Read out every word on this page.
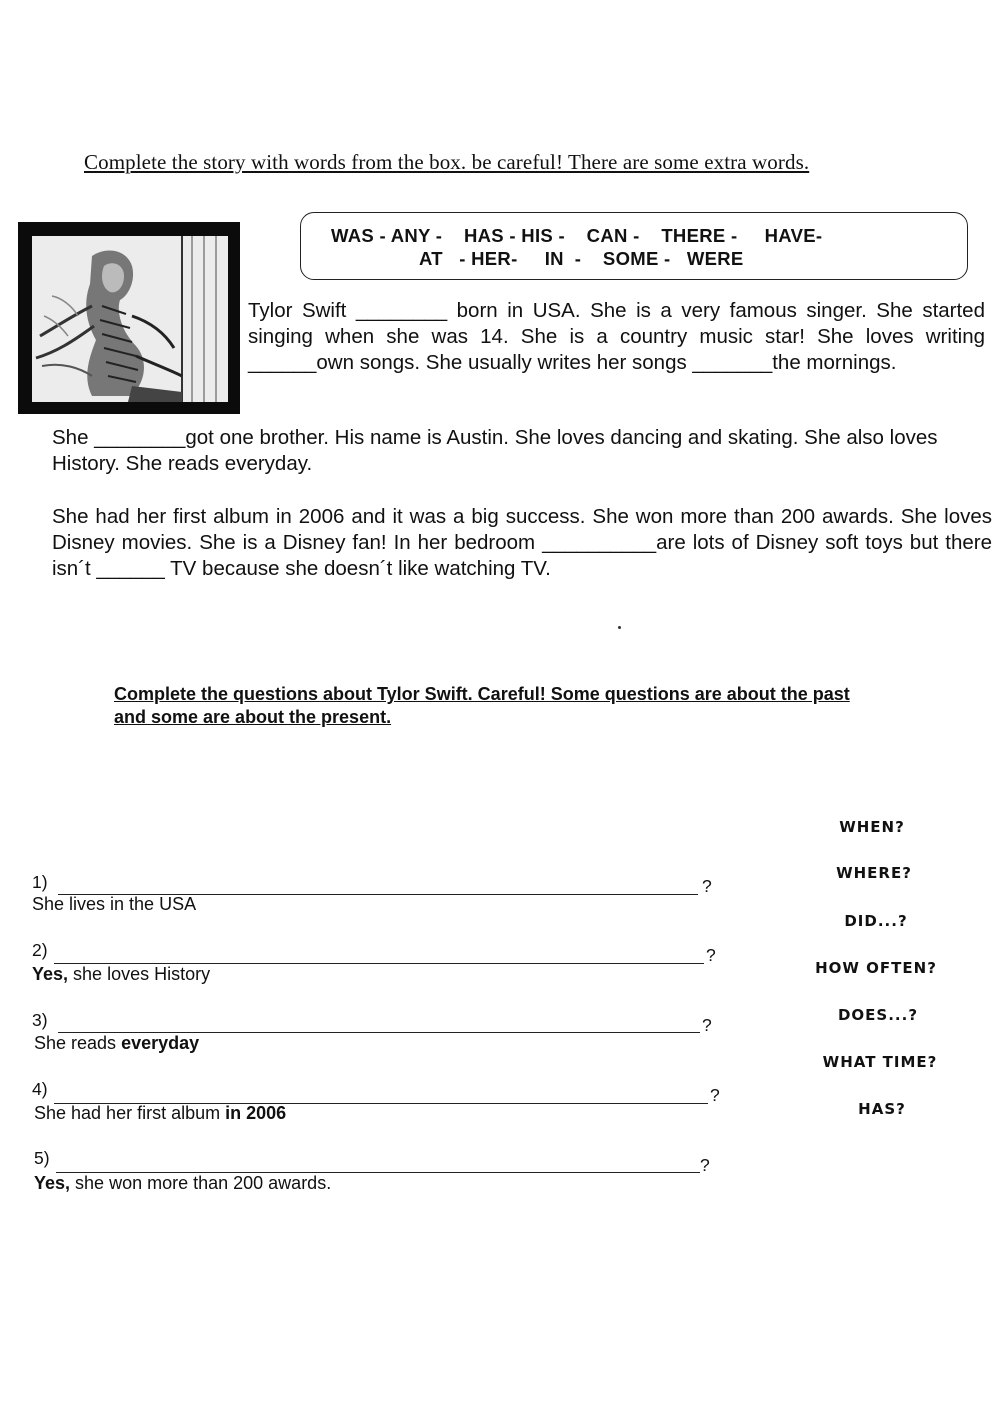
Complete the story with words from the box. be careful! There are some extra words.
WAS - ANY -    HAS - HIS -    CAN -    THERE -     HAVE-
AT   - HER-     IN  -    SOME -   WERE
Tylor Swift ________ born in USA. She is a very famous singer. She started singing when she was 14. She is a country music star! She loves writing ______own songs. She usually writes her songs _______the mornings.
She ________got one brother. His name is Austin. She loves dancing and skating. She also loves History. She reads everyday.
She had her first album in 2006 and it was a big success. She won more than 200 awards. She loves Disney movies. She is a Disney fan! In her bedroom __________are lots of Disney soft toys but there isn´t ______ TV because she doesn´t like watching TV.
Complete the questions about Tylor Swift. Careful! Some questions are about the past and some are about the present.
1)	?
She lives in the USA
2)	?
Yes, she loves History
3)	?
She reads everyday
4)	?
She had her first album in 2006
5)	?
Yes, she won more than 200 awards.
WHEN?
WHERE?
DID...?
HOW OFTEN?
DOES...?
WHAT TIME?
HAS?
